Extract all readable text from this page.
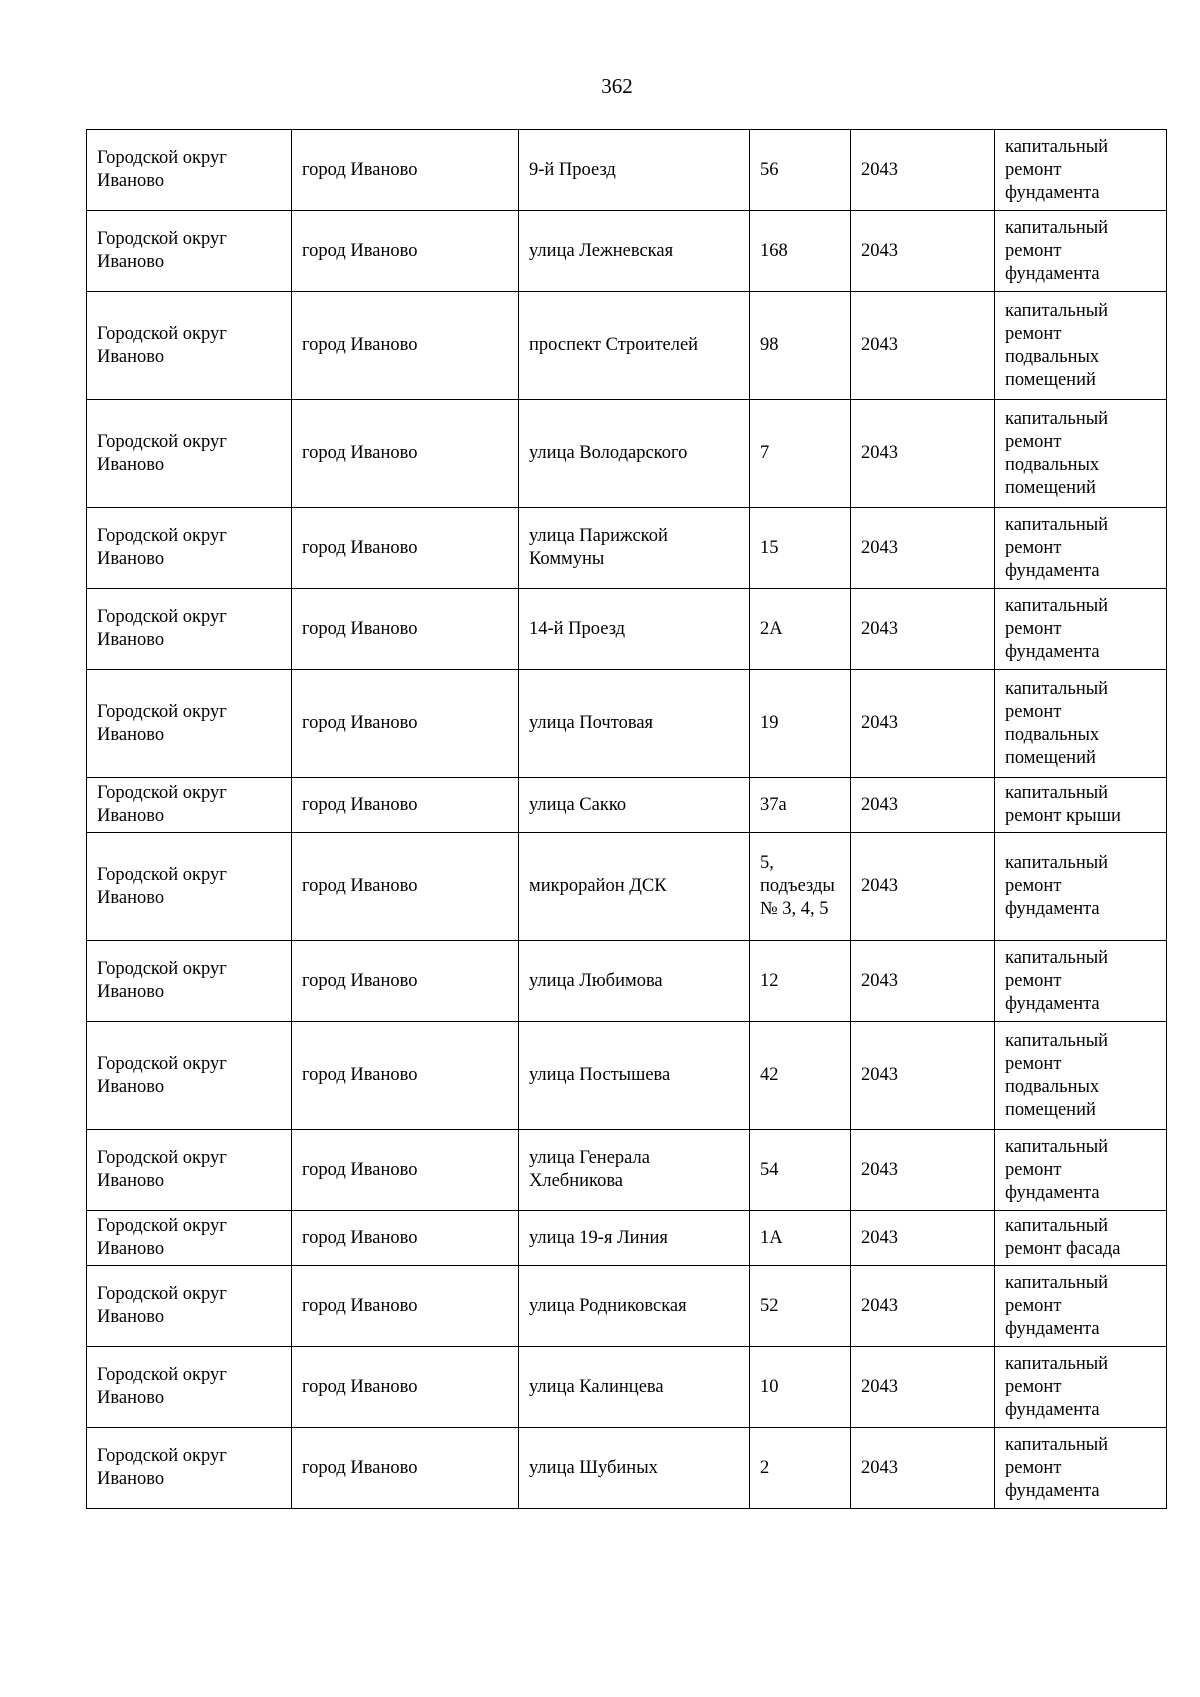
362
Городской округ Иваново	город Иваново	9-й Проезд	56	2043	капитальный ремонт фундамента
Городской округ Иваново	город Иваново	улица Лежневская	168	2043	капитальный ремонт фундамента
Городской округ Иваново	город Иваново	проспект Строителей	98	2043	капитальный ремонт подвальных помещений
Городской округ Иваново	город Иваново	улица Володарского	7	2043	капитальный ремонт подвальных помещений
Городской округ Иваново	город Иваново	улица Парижской Коммуны	15	2043	капитальный ремонт фундамента
Городской округ Иваново	город Иваново	14-й Проезд	2А	2043	капитальный ремонт фундамента
Городской округ Иваново	город Иваново	улица Почтовая	19	2043	капитальный ремонт подвальных помещений
Городской округ Иваново	город Иваново	улица Сакко	37а	2043	капитальный ремонт крыши
Городской округ Иваново	город Иваново	микрорайон ДСК	5, подъезды № 3, 4, 5	2043	капитальный ремонт фундамента
Городской округ Иваново	город Иваново	улица Любимова	12	2043	капитальный ремонт фундамента
Городской округ Иваново	город Иваново	улица Постышева	42	2043	капитальный ремонт подвальных помещений
Городской округ Иваново	город Иваново	улица Генерала Хлебникова	54	2043	капитальный ремонт фундамента
Городской округ Иваново	город Иваново	улица 19-я Линия	1А	2043	капитальный ремонт фасада
Городской округ Иваново	город Иваново	улица Родниковская	52	2043	капитальный ремонт фундамента
Городской округ Иваново	город Иваново	улица Калинцева	10	2043	капитальный ремонт фундамента
Городской округ Иваново	город Иваново	улица Шубиных	2	2043	капитальный ремонт фундамента
